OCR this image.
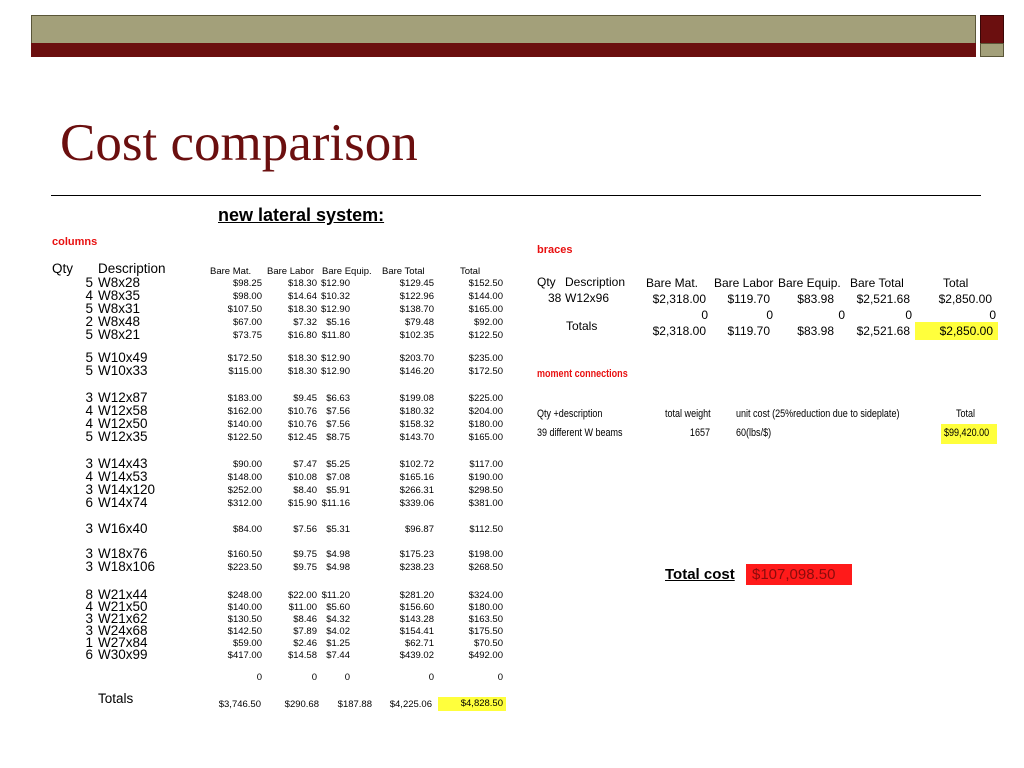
Cost comparison
new lateral system:
columns
Qty Description	Bare Mat. Bare Labor Bare Equip. Bare Total	Total
5 W8x28	$98.25	$18.30 $12.90	$129.45	$152.50
4 W8x35	$98.00	$14.64 $10.32	$122.96	$144.00
5 W8x31	$107.50	$18.30 $12.90	$138.70	$165.00
2 W8x48	$67.00	$7.32 $5.16	$79.48	$92.00
5 W8x21	$73.75	$16.80 $11.80	$102.35	$122.50
5 W10x49	$172.50	$18.30 $12.90	$203.70	$235.00
5 W10x33	$115.00	$18.30 $12.90	$146.20	$172.50
3 W12x87	$183.00	$9.45 $6.63	$199.08	$225.00
4 W12x58	$162.00	$10.76 $7.56	$180.32	$204.00
4 W12x50	$140.00	$10.76 $7.56	$158.32	$180.00
5 W12x35	$122.50	$12.45 $8.75	$143.70	$165.00
3 W14x43	$90.00	$7.47 $5.25	$102.72	$117.00
4 W14x53	$148.00	$10.08 $7.08	$165.16	$190.00
3 W14x120	$252.00	$8.40 $5.91	$266.31	$298.50
6 W14x74	$312.00	$15.90 $11.16	$339.06	$381.00
3 W16x40	$84.00	$7.56 $5.31	$96.87	$112.50
3 W18x76	$160.50	$9.75 $4.98	$175.23	$198.00
3 W18x106	$223.50	$9.75 $4.98	$238.23	$268.50
8 W21x44	$248.00	$22.00 $11.20	$281.20	$324.00
4 W21x50	$140.00	$11.00 $5.60	$156.60	$180.00
3 W21x62	$130.50	$8.46 $4.32	$143.28	$163.50
3 W24x68	$142.50	$7.89 $4.02	$154.41	$175.50
1 W27x84	$59.00	$2.46 $1.25	$62.71	$70.50
6 W30x99	$417.00	$14.58 $7.44	$439.02	$492.00
0	0	0	0	0
Totals	$3,746.50	$290.68	$187.88	$4,225.06	$4,828.50
braces
Qty Description Bare Mat. Bare Labor Bare Equip. Bare Total	Total
38 W12x96	$2,318.00	$119.70	$83.98	$2,521.68	$2,850.00
0	0	0	0	0
Totals	$2,318.00	$119.70	$83.98	$2,521.68	$2,850.00
moment connections
Qty +description	total weight unit cost (25%reduction due to sideplate)	Total
39 different W beams	1657 60(lbs/$)	$99,420.00
Total cost	$107,098.50
